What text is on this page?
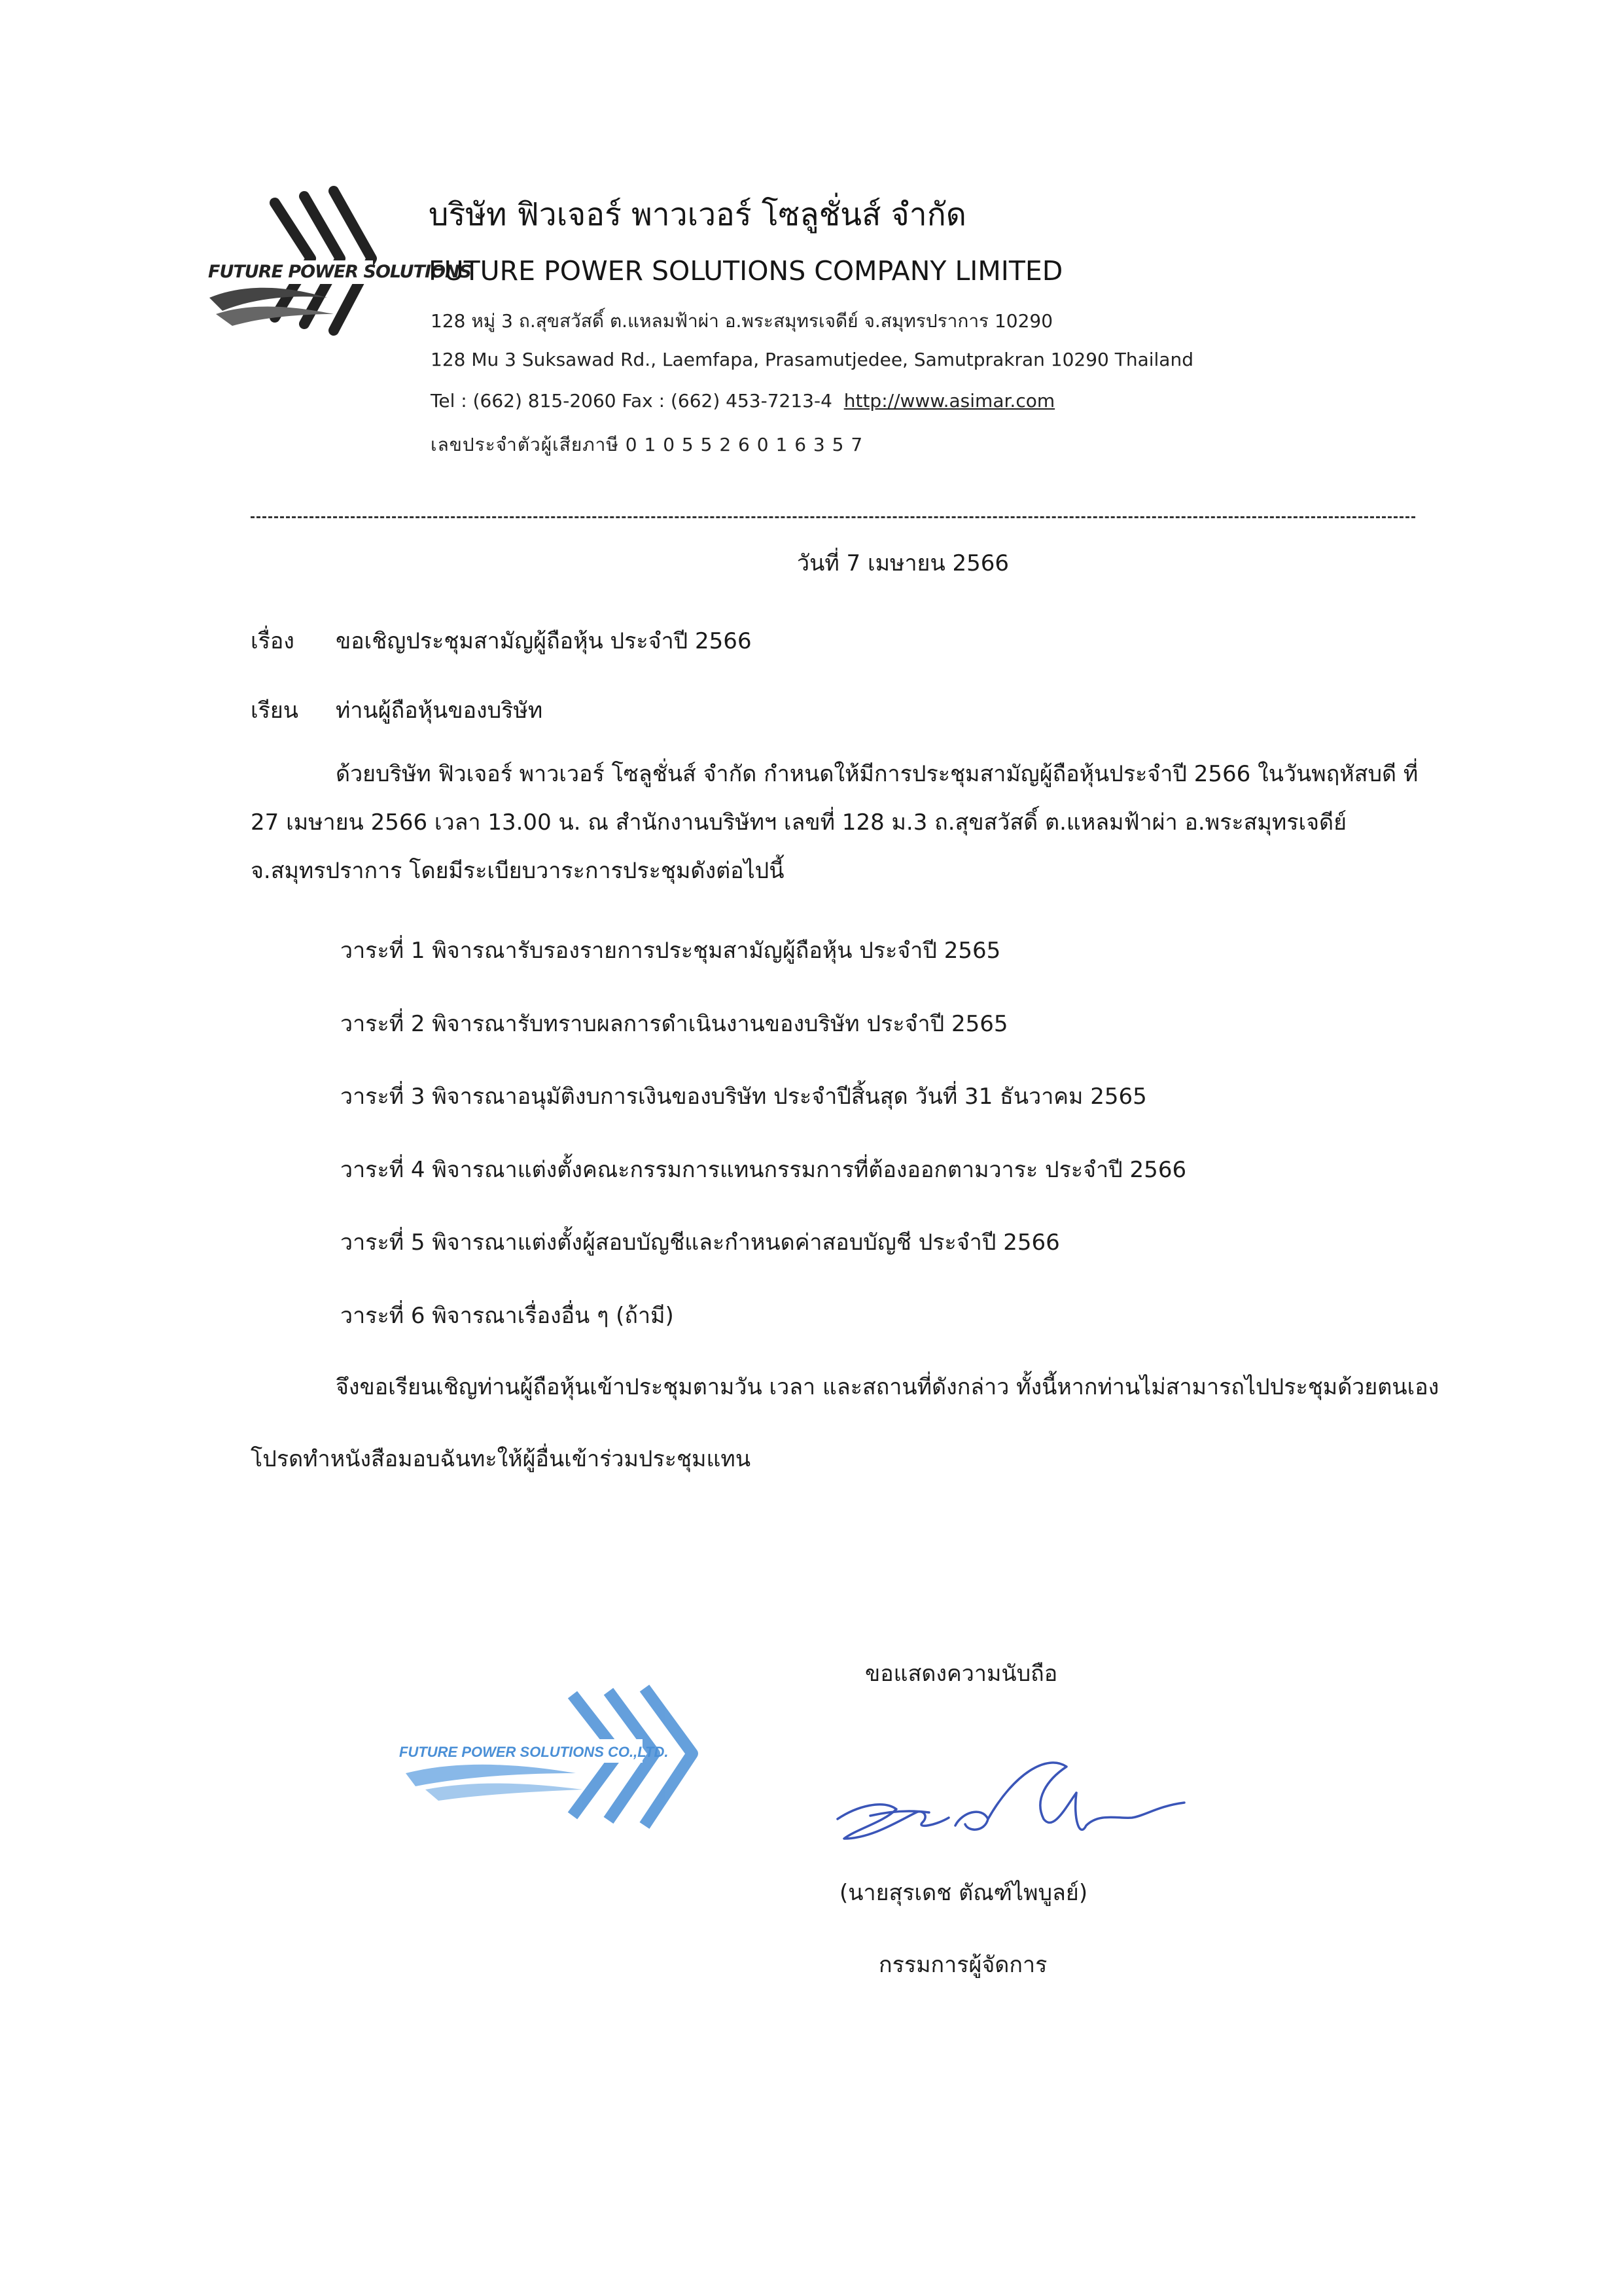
FUTURE POWER SOLUTIONS
บริษัท ฟิวเจอร์ พาวเวอร์ โซลูชั่นส์ จำกัด
FUTURE POWER SOLUTIONS COMPANY LIMITED
128 หมู่ 3 ถ.สุขสวัสดิ์ ต.แหลมฟ้าผ่า อ.พระสมุทรเจดีย์ จ.สมุทรปราการ 10290
128 Mu 3 Suksawad Rd., Laemfapa, Prasamutjedee, Samutprakran 10290 Thailand
Tel : (662) 815-2060 Fax : (662) 453-7213-4 http://www.asimar.com
เลขประจำตัวผู้เสียภาษี 0 1 0 5 5 2 6 0 1 6 3 5 7
วันที่ 7 เมษายน 2566
เรื่อง ขอเชิญประชุมสามัญผู้ถือหุ้น ประจำปี 2566
เรียน ท่านผู้ถือหุ้นของบริษัท
ด้วยบริษัท ฟิวเจอร์ พาวเวอร์ โซลูชั่นส์ จำกัด กำหนดให้มีการประชุมสามัญผู้ถือหุ้นประจำปี 2566 ในวันพฤหัสบดี ที่
27 เมษายน 2566 เวลา 13.00 น. ณ สำนักงานบริษัทฯ เลขที่ 128 ม.3 ถ.สุขสวัสดิ์ ต.แหลมฟ้าผ่า อ.พระสมุทรเจดีย์
จ.สมุทรปราการ โดยมีระเบียบวาระการประชุมดังต่อไปนี้
วาระที่ 1 พิจารณารับรองรายการประชุมสามัญผู้ถือหุ้น ประจำปี 2565
วาระที่ 2 พิจารณารับทราบผลการดำเนินงานของบริษัท ประจำปี 2565
วาระที่ 3 พิจารณาอนุมัติงบการเงินของบริษัท ประจำปีสิ้นสุด วันที่ 31 ธันวาคม 2565
วาระที่ 4 พิจารณาแต่งตั้งคณะกรรมการแทนกรรมการที่ต้องออกตามวาระ ประจำปี 2566
วาระที่ 5 พิจารณาแต่งตั้งผู้สอบบัญชีและกำหนดค่าสอบบัญชี ประจำปี 2566
วาระที่ 6 พิจารณาเรื่องอื่น ๆ (ถ้ามี)
จึงขอเรียนเชิญท่านผู้ถือหุ้นเข้าประชุมตามวัน เวลา และสถานที่ดังกล่าว ทั้งนี้หากท่านไม่สามารถไปประชุมด้วยตนเอง
โปรดทำหนังสือมอบฉันทะให้ผู้อื่นเข้าร่วมประชุมแทน
ขอแสดงความนับถือ
FUTURE POWER SOLUTIONS CO.,LTD.
(นายสุรเดช ตัณฑ์ไพบูลย์)
กรรมการผู้จัดการ
